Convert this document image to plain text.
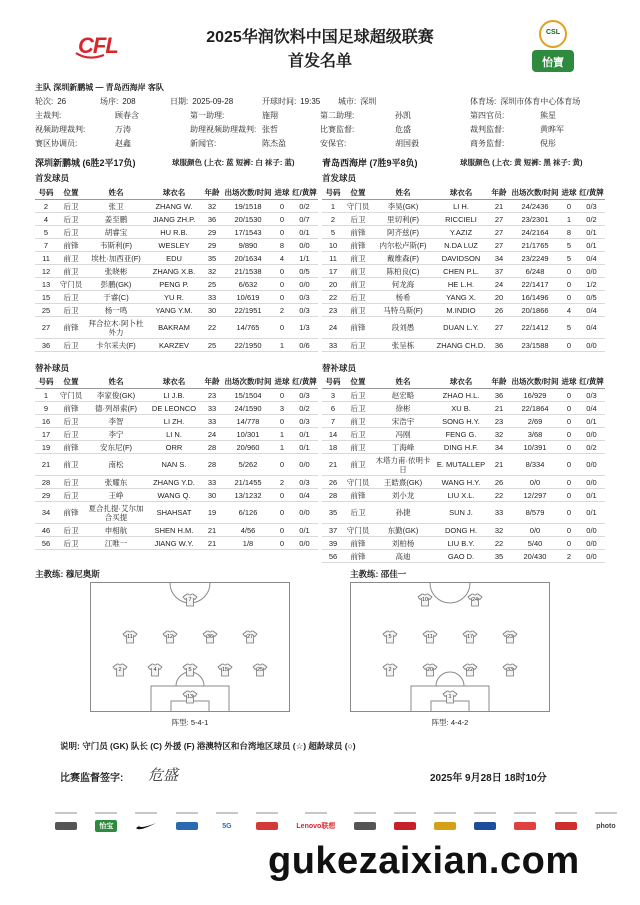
CFL
CSL
怡寶
2025华润饮料中国足球超级联赛
首发名单
主队 深圳新鹏城 — 青岛西海岸 客队
轮次: 26	场序: 208	日期: 2025-09-28	开球时间: 19:35 城市: 深圳	体育场: 深圳市体育中心体育场
主裁判:	顾春含	第一助理:	施翔	第二助理:	孙凯	第四官员:	熊星
视频助理裁判:	万涛	助理视频助理裁判: 张哲	比赛监督:	危盛	裁判监督:	黄晔军
赛区协调员:	赵鑫	新闻官:	陈杰盈	安保官:	胡国毅	商务监督:	倪彤
深圳新鹏城 (6胜2平17负)	球服颜色 (上衣: 蓝 短裤: 白 袜子: 蓝)	青岛西海岸 (7胜9平8负)	球服颜色 (上衣: 黄 短裤: 黑 袜子: 黄)
首发球员	首发球员
号码	位置	姓名	球衣名	年龄	出场次数/时间	进球	红/黄牌
2	后卫	张卫	ZHANG W.	32	19/1518	0	0/2
4	后卫	姜至鹏	JIANG ZH.P.	36	20/1530	0	0/7
5	后卫	胡睿宝	HU R.B.	29	17/1543	0	0/1
7	前锋	韦斯利(F)	WESLEY	29	9/890	8	0/0
11	前卫	埃杜·加西亚(F)	EDU	35	20/1634	4	1/1
12	前卫	张晓彬	ZHANG X.B.	32	21/1538	0	0/5
13	守门员	彭鹏(GK)	PENG P.	25	6/632	0	0/0
15	后卫	于睿(C)	YU R.	33	10/619	0	0/3
25	后卫	杨一鸣	YANG Y.M.	30	22/1951	2	0/3
27	前锋	拜合拉木·阿卜杜外力	BAKRAM	22	14/765	0	1/3
36	后卫	卡尔采夫(F)	KARZEV	25	22/1950	1	0/6
号码	位置	姓名	球衣名	年龄	出场次数/时间	进球	红/黄牌
1	守门员	李昊(GK)	LI H.	21	24/2436	0	0/3
2	后卫	里切利(F)	RICCIELI	27	23/2301	1	0/2
5	前锋	阿齐兹(F)	Y.AZIZ	27	24/2164	8	0/1
10	前锋	内尔松卢斯(F)	N.DA LUZ	27	21/1765	5	0/1
11	前卫	戴维森(F)	DAVIDSON	34	23/2249	5	0/4
17	前卫	陈柏良(C)	CHEN P.L.	37	6/248	0	0/0
20	前卫	何龙海	HE L.H.	24	22/1417	0	1/2
22	后卫	杨希	YANG X.	20	16/1496	0	0/5
23	前卫	马特乌斯(F)	M.INDIO	26	20/1866	4	0/4
24	前锋	段刘愚	DUAN L.Y.	27	22/1412	5	0/4
33	后卫	张呈栋	ZHANG CH.D.	36	23/1588	0	0/0
替补球员	替补球员
号码	位置	姓名	球衣名	年龄	出场次数/时间	进球	红/黄牌
1	守门员	李家俊(GK)	LI J.B.	23	15/1504	0	0/3
9	前锋	德·列昂索(F)	DE LEONCO	33	24/1590	3	0/2
16	后卫	李智	LI ZH.	33	14/778	0	0/3
17	后卫	李宁	LI N.	24	10/301	1	0/1
19	前锋	安东尼(F)	ORR	28	20/960	1	0/1
21	前卫	南松	NAN S.	28	5/262	0	0/0
28	后卫	张耀东	ZHANG Y.D.	33	21/1455	2	0/3
29	后卫	王峥	WANG Q.	30	13/1232	0	0/4
34	前锋	夏合扎提·艾尔加合买提	SHAHSAT	19	6/126	0	0/0
46	后卫	申相航	SHEN H.M.	21	4/56	0	0/1
56	后卫	江唯一	JIANG W.Y.	21	1/8	0	0/0
号码	位置	姓名	球衣名	年龄	出场次数/时间	进球	红/黄牌
3	后卫	赵宏略	ZHAO H.L.	36	16/929	0	0/3
6	后卫	徐彬	XU B.	21	22/1864	0	0/4
7	前卫	宋浩宇	SONG H.Y.	23	2/69	0	0/1
14	后卫	冯刚	FENG G.	32	3/68	0	0/0
18	前卫	丁海峰	DING H.F.	34	10/391	0	0/2
21	前卫	木塔力甫·依明卡日	E. MUTALLEP	21	8/334	0	0/0
26	守门员	王皓熹(GK)	WANG H.Y.	26	0/0	0	0/0
28	前锋	刘小龙	LIU X.L.	22	12/297	0	0/1
35	后卫	孙捷	SUN J.	33	8/579	0	0/1
37	守门员	东勤(GK)	DONG H.	32	0/0	0	0/0
39	前锋	刘柏杨	LIU B.Y.	22	5/40	0	0/0
56	前锋	高迪	GAO D.	35	20/430	2	0/0
主教练: 穆尼奥斯	主教练: 邵佳一
7
11	12	36	27
2	4	5	15	25
13
10	24
5	11	17	23
2	20	22	33
1
阵型: 5-4-1	阵型: 4-4-2
说明: 守门员 (GK) 队长 (C) 外援 (F) 港澳特区和台湾地区球员 (☆) 超龄球员 (○)
比赛监督签字: 危盛	2025年 9月28日 18时10分
怡宝	5G	Lenovo联想	photo
gukezaixian.com
